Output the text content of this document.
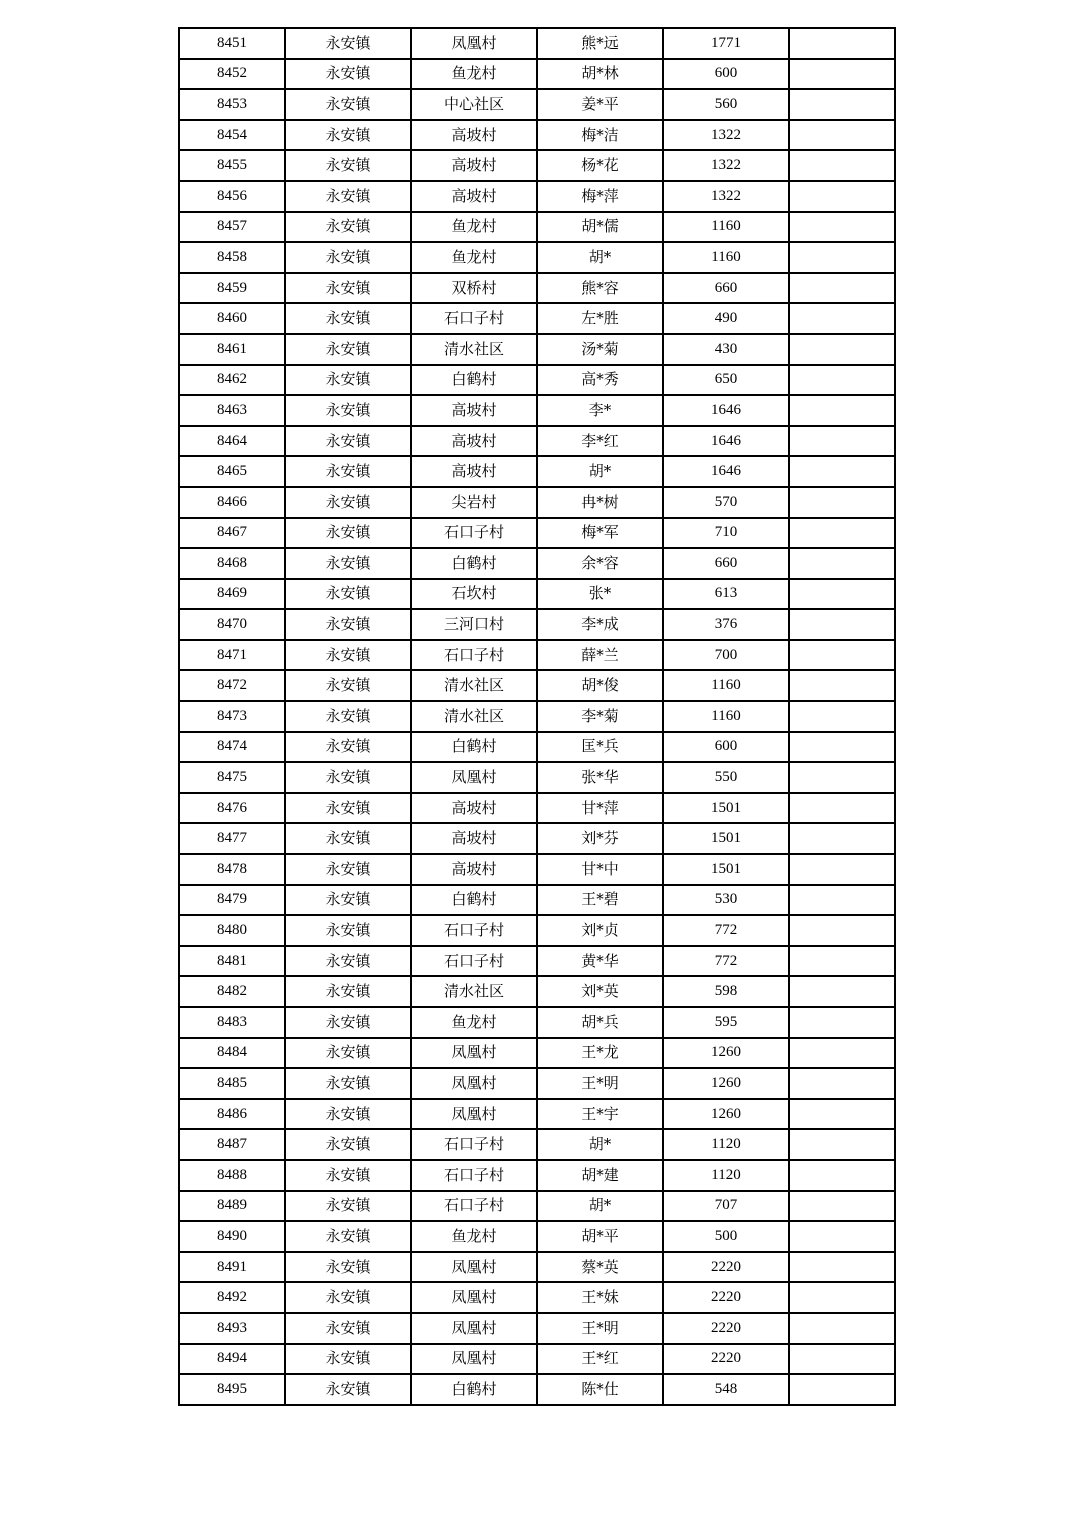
8451	永安镇	凤凰村	熊*远	1771	
8452	永安镇	鱼龙村	胡*林	600	
8453	永安镇	中心社区	姜*平	560	
8454	永安镇	高坡村	梅*洁	1322	
8455	永安镇	高坡村	杨*花	1322	
8456	永安镇	高坡村	梅*萍	1322	
8457	永安镇	鱼龙村	胡*儒	1160	
8458	永安镇	鱼龙村	胡*	1160	
8459	永安镇	双桥村	熊*容	660	
8460	永安镇	石口子村	左*胜	490	
8461	永安镇	清水社区	汤*菊	430	
8462	永安镇	白鹤村	高*秀	650	
8463	永安镇	高坡村	李*	1646	
8464	永安镇	高坡村	李*红	1646	
8465	永安镇	高坡村	胡*	1646	
8466	永安镇	尖岩村	冉*树	570	
8467	永安镇	石口子村	梅*军	710	
8468	永安镇	白鹤村	余*容	660	
8469	永安镇	石坎村	张*	613	
8470	永安镇	三河口村	李*成	376	
8471	永安镇	石口子村	薛*兰	700	
8472	永安镇	清水社区	胡*俊	1160	
8473	永安镇	清水社区	李*菊	1160	
8474	永安镇	白鹤村	匡*兵	600	
8475	永安镇	凤凰村	张*华	550	
8476	永安镇	高坡村	甘*萍	1501	
8477	永安镇	高坡村	刘*芬	1501	
8478	永安镇	高坡村	甘*中	1501	
8479	永安镇	白鹤村	王*碧	530	
8480	永安镇	石口子村	刘*贞	772	
8481	永安镇	石口子村	黄*华	772	
8482	永安镇	清水社区	刘*英	598	
8483	永安镇	鱼龙村	胡*兵	595	
8484	永安镇	凤凰村	王*龙	1260	
8485	永安镇	凤凰村	王*明	1260	
8486	永安镇	凤凰村	王*宇	1260	
8487	永安镇	石口子村	胡*	1120	
8488	永安镇	石口子村	胡*建	1120	
8489	永安镇	石口子村	胡*	707	
8490	永安镇	鱼龙村	胡*平	500	
8491	永安镇	凤凰村	蔡*英	2220	
8492	永安镇	凤凰村	王*妹	2220	
8493	永安镇	凤凰村	王*明	2220	
8494	永安镇	凤凰村	王*红	2220	
8495	永安镇	白鹤村	陈*仕	548	
